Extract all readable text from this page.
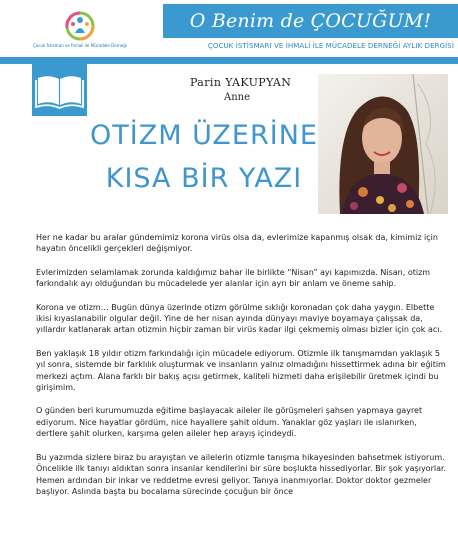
Çocuk İstismarı ve İhmali ile Mücadele Derneği
O Benim de ÇOCUĞUM!
ÇOCUK İSTİSMARI VE İHMALİ İLE MÜCADELE DERNEĞİ AYLIK DERGİSİ
Parin YAKUPYAN
Anne
OTİZM ÜZERİNE
KISA BİR YAZI

Her ne kadar bu aralar gündemimiz korona virüs olsa da, evlerimize kapanmış olsak da, kimimiz için hayatın öncelikli gerçekleri değişmiyor.

Evlerimizden selamlamak zorunda kaldığımız bahar ile birlikte “Nisan” ayı kapımızda. Nisan, otizm farkındalık ayı olduğundan bu mücadelede yer alanlar için ayrı bir anlam ve öneme sahip.

Korona ve otizm… Bugün dünya üzerinde otizm görülme sıklığı koronadan çok daha yaygın. Elbette ikisi kıyaslanabilir olgular değil. Yine de her nisan ayında dünyayı maviye boyamaya çalışsak da, yıllardır katlanarak artan otizmin hiçbir zaman bir virüs kadar ilgi çekmemiş olması bizler için çok acı.

Ben yaklaşık 18 yıldır otizm farkındalığı için mücadele ediyorum. Otizmle ilk tanışmamdan yaklaşık 5 yıl sonra, sistemde bir farklılık oluşturmak ve insanların yalnız olmadığını hissettirmek adına bir eğitim merkezi açtım. Alana farklı bir bakış açısı getirmek, kaliteli hizmeti daha erişilebilir üretmek içindi bu girişimim.

O günden beri kurumumuzda eğitime başlayacak aileler ile görüşmeleri şahsen yapmaya gayret ediyorum. Nice hayatlar gördüm, nice hayallere şahit oldum. Yanaklar göz yaşları ile ıslanırken, dertlere şahit olurken, karşıma gelen aileler hep arayış içindeydi.

Bu yazımda sizlere biraz bu arayıştan ve ailelerin otizmle tanışma hikayesinden bahsetmek istiyorum. Öncelikle ilk tanıyı aldıktan sonra insanlar kendilerini bir süre boşlukta hissediyorlar. Bir şok yaşıyorlar. Hemen ardından bir inkar ve reddetme evresi geliyor. Tanıya inanmıyorlar. Doktor doktor gezmeler başlıyor. Aslında başta bu bocalama sürecinde çocuğun bir önce
